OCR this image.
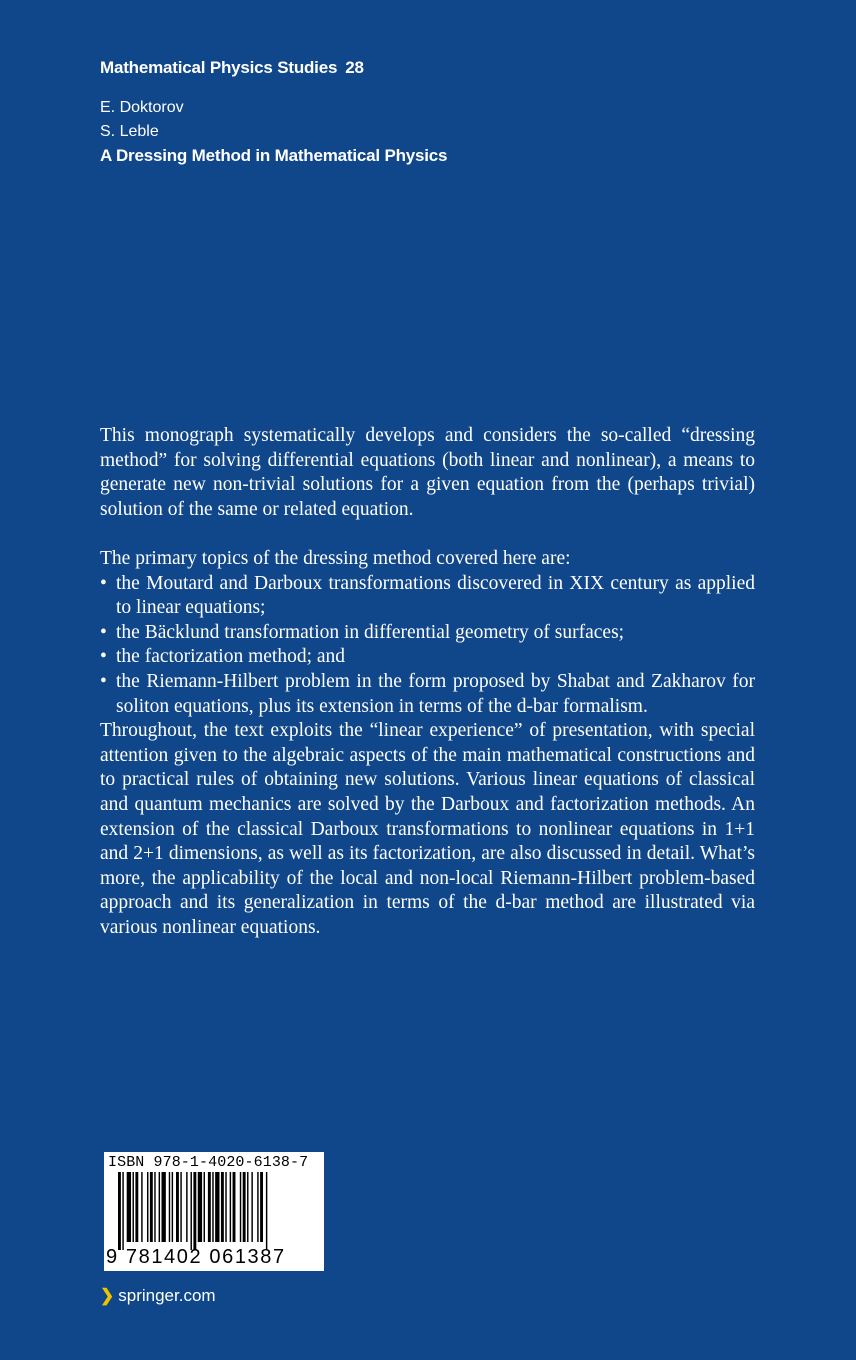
Mathematical Physics Studies 28
E. Doktorov
S. Leble
A Dressing Method in Mathematical Physics

This monograph systematically develops and considers the so-called “dressing method” for solving differential equations (both linear and nonlinear), a means to generate new non-trivial solutions for a given equation from the (perhaps trivial) solution of the same or related equation.

The primary topics of the dressing method covered here are:
• the Moutard and Darboux transformations discovered in XIX century as applied to linear equations;
• the Bäcklund transformation in differential geometry of surfaces;
• the factorization method; and
• the Riemann-Hilbert problem in the form proposed by Shabat and Zakharov for soliton equations, plus its extension in terms of the d-bar formalism.

Throughout, the text exploits the “linear experience” of presentation, with special attention given to the algebraic aspects of the main mathematical constructions and to practical rules of obtaining new solutions. Various linear equations of classical and quantum mechanics are solved by the Darboux and factorization methods. An extension of the classical Darboux transformations to nonlinear equations in 1+1 and 2+1 dimensions, as well as its factorization, are also discussed in detail. What’s more, the applicability of the local and non-local Riemann-Hilbert problem-based approach and its generalization in terms of the d-bar method are illustrated via various nonlinear equations.

ISBN 978-1-4020-6138-7
9 781402 061387
❯ springer.com
